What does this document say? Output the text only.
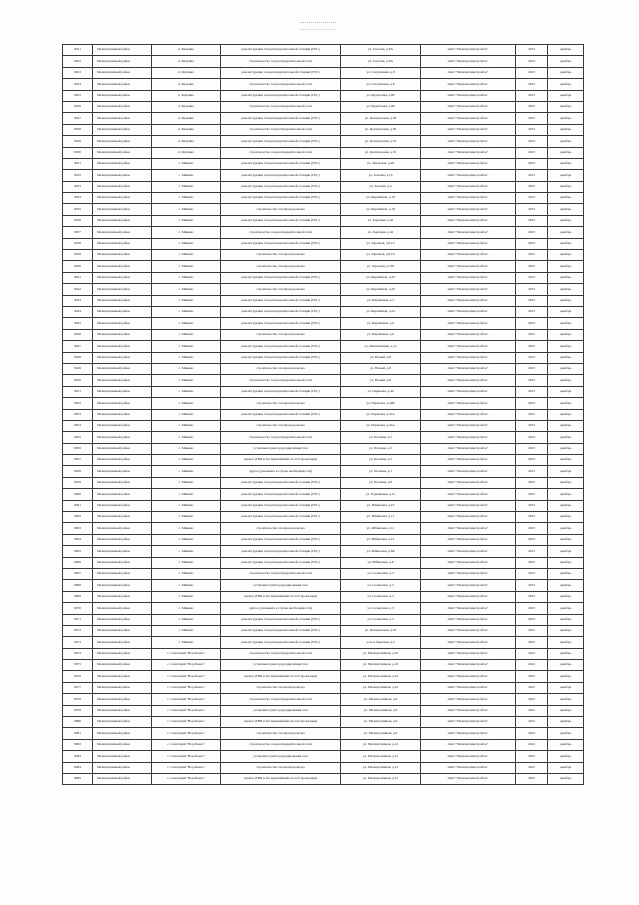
9021	Мелиоративный район	п. Куприно	реконструкция газораспределительной станции (ГРС)	ул. Светлая, д.8А	ОАО "Мелиоративстройгаз"	2023	декабрь
9022	Мелиоративный район	п. Куприно	строительство газораспределительной сети	ул. Светлая, д.8А	ОАО "Мелиоративстройгаз"	2023	декабрь
9023	Мелиоративный район	п. Куприно	реконструкция газораспределительной станции (ГРС)	ул. Спортивная, д.8	ОАО "Мелиоративстройгаз"	2023	декабрь
9024	Мелиоративный район	п. Куприно	строительство газораспределительной сети	ул. Спортивная, д.8	ОАО "Мелиоративстройгаз"	2023	декабрь
9025	Мелиоративный район	п. Куприно	реконструкция газораспределительной станции (ГРС)	ул. Фруктовая, д.89	ОАО "Мелиоративстройгаз"	2023	декабрь
9026	Мелиоративный район	п. Куприно	строительство газораспределительной сети	ул. Фруктовая, д.89	ОАО "Мелиоративстройгаз"	2023	декабрь
9027	Мелиоративный район	п. Куприно	реконструкция газораспределительной станции (ГРС)	ул. Центральная, д.39	ОАО "Мелиоративстройгаз"	2023	декабрь
9028	Мелиоративный район	п. Куприно	строительство газораспределительной сети	ул. Центральная, д.39	ОАО "Мелиоративстройгаз"	2023	декабрь
9029	Мелиоративный район	п. Куприно	реконструкция газораспределительной станции (ГРС)	ул. Центральная, д.55	ОАО "Мелиоративстройгаз"	2023	декабрь
9030	Мелиоративный район	п. Куприно	строительство газораспределительной сети	ул. Центральная, д.55	ОАО "Мелиоративстройгаз"	2023	декабрь
9031	Мелиоративный район	с. Мякино	реконструкция газораспределительной станции (ГРС)	ул. Заводская, д.28	ОАО "Мелиоративстройгаз"	2023	декабрь
9032	Мелиоративный район	с. Мякино	реконструкция газораспределительной станции (ГРС)	ул. Зеленая, д.16	ОАО "Мелиоративстройгаз"	2023	декабрь
9033	Мелиоративный район	с. Мякино	реконструкция газораспределительной станции (ГРС)	ул. Зеленая, д.4	ОАО "Мелиоративстройгаз"	2023	декабрь
9034	Мелиоративный район	с. Мякино	реконструкция газораспределительной станции (ГРС)	ул. Кирпичная, д.18	ОАО "Мелиоративстройгаз"	2023	декабрь
9035	Мелиоративный район	с. Мякино	строительство газопровода-ввода	ул. Кирпичная, д.18	ОАО "Мелиоративстройгаз"	2023	декабрь
9036	Мелиоративный район	с. Мякино	реконструкция газораспределительной станции (ГРС)	ул. Заречная, д.42	ОАО "Мелиоративстройгаз"	2023	декабрь
9037	Мелиоративный район	с. Мякино	строительство газораспределительной сети	ул. Заречная, д.42	ОАО "Мелиоративстройгаз"	2023	декабрь
9038	Мелиоративный район	с. Мякино	реконструкция газораспределительной станции (ГРС)	ул. Заречная, д.61/3	ОАО "Мелиоративстройгаз"	2023	декабрь
9039	Мелиоративный район	с. Мякино	строительство газопровода-ввода	ул. Заречная, д.61/3	ОАО "Мелиоративстройгаз"	2023	декабрь
9040	Мелиоративный район	с. Мякино	строительство газопровода-ввода	ул. Заречная, д.103	ОАО "Мелиоративстройгаз"	2023	декабрь
9041	Мелиоративный район	с. Мякино	реконструкция газораспределительной станции (ГРС)	ул. Кирпичная, д.20	ОАО "Мелиоративстройгаз"	2023	декабрь
9042	Мелиоративный район	с. Мякино	строительство газопровода-ввода	ул. Кирпичная, д.20	ОАО "Мелиоративстройгаз"	2023	декабрь
9043	Мелиоративный район	с. Мякино	реконструкция газораспределительной станции (ГРС)	ул. Кирпичная, д.3	ОАО "Мелиоративстройгаз"	2023	декабрь
9044	Мелиоративный район	с. Мякино	реконструкция газораспределительной станции (ГРС)	ул. Кирпичная, д.24	ОАО "Мелиоративстройгаз"	2023	декабрь
9045	Мелиоративный район	с. Мякино	реконструкция газораспределительной станции (ГРС)	ул. Кирпичная, д.6	ОАО "Мелиоративстройгаз"	2023	декабрь
9046	Мелиоративный район	с. Мякино	строительство газопровода-ввода	ул. Кирпичная, д.6	ОАО "Мелиоративстройгаз"	2023	декабрь
9047	Мелиоративный район	с. Мякино	реконструкция газораспределительной станции (ГРС)	ул. Механизации, д.1а	ОАО "Мелиоративстройгаз"	2023	декабрь
9048	Мелиоративный район	с. Мякино	реконструкция газораспределительной станции (ГРС)	ул. Новый, д.8	ОАО "Мелиоративстройгаз"	2023	декабрь
9049	Мелиоративный район	с. Мякино	строительство газопровода-ввода	ул. Новый, д.8	ОАО "Мелиоративстройгаз"	2023	декабрь
9050	Мелиоративный район	с. Мякино	строительство газораспределительной сети	ул. Новый, д.8	ОАО "Мелиоративстройгаз"	2023	декабрь
9051	Мелиоративный район	с. Мякино	реконструкция газораспределительной станции (ГРС)	ул. Парковая, д.40	ОАО "Мелиоративстройгаз"	2023	декабрь
9052	Мелиоративный район	с. Мякино	строительство газопровода-ввода	ул. Парковая, д.40Б	ОАО "Мелиоративстройгаз"	2023	декабрь
9053	Мелиоративный район	с. Мякино	реконструкция газораспределительной станции (ГРС)	ул. Парковая, д.41А	ОАО "Мелиоративстройгаз"	2023	декабрь
9054	Мелиоративный район	с. Мякино	строительство газопровода-ввода	ул. Парковая, д.41А	ОАО "Мелиоративстройгаз"	2023	декабрь
9055	Мелиоративный район	с. Мякино	строительство газораспределительной сети	ул. Полевая, д.5	ОАО "Мелиоративстройгаз"	2023	декабрь
9056	Мелиоративный район	с. Мякино	установка пункта редуцирования газа	ул. Полевая, д.5	ОАО "Мелиоративстройгаз"	2023	декабрь
9057	Мелиоративный район	с. Мякино	прокол (ГНБ и бестраншейный способ прокладки)	ул. Полевая, д.5	ОАО "Мелиоративстройгаз"	2023	декабрь
9058	Мелиоративный район	с. Мякино	другое (указывать в случае необходимости)	ул. Полевая, д.5	ОАО "Мелиоративстройгаз"	2023	декабрь
9059	Мелиоративный район	с. Мякино	реконструкция газораспределительной станции (ГРС)	ул. Полевая, д.8	ОАО "Мелиоративстройгаз"	2023	декабрь
9060	Мелиоративный район	с. Мякино	реконструкция газораспределительной станции (ГРС)	ул. Родниковая, д.1а	ОАО "Мелиоративстройгаз"	2023	декабрь
9061	Мелиоративный район	с. Мякино	реконструкция газораспределительной станции (ГРС)	ул. Рябиновая, д.10	ОАО "Мелиоративстройгаз"	2023	декабрь
9062	Мелиоративный район	с. Мякино	реконструкция газораспределительной станции (ГРС)	ул. Рябиновая, д.11	ОАО "Мелиоративстройгаз"	2023	декабрь
9063	Мелиоративный район	с. Мякино	строительство газопровода-ввода	ул. Рябиновая, д.11	ОАО "Мелиоративстройгаз"	2023	декабрь
9064	Мелиоративный район	с. Мякино	реконструкция газораспределительной станции (ГРС)	ул. Рябиновая, д.12	ОАО "Мелиоративстройгаз"	2023	декабрь
9065	Мелиоративный район	с. Мякино	реконструкция газораспределительной станции (ГРС)	ул. Рябиновая, д.6Б	ОАО "Мелиоративстройгаз"	2023	декабрь
9066	Мелиоративный район	с. Мякино	реконструкция газораспределительной станции (ГРС)	ул. Рябиновая, д.8	ОАО "Мелиоративстройгаз"	2023	декабрь
9067	Мелиоративный район	с. Мякино	строительство газораспределительной сети	ул. Солнечная, д.3	ОАО "Мелиоративстройгаз"	2023	декабрь
9068	Мелиоративный район	с. Мякино	установка пункта редуцирования газа	ул. Солнечная, д.3	ОАО "Мелиоративстройгаз"	2023	декабрь
9069	Мелиоративный район	с. Мякино	прокол (ГНБ и бестраншейный способ прокладки)	ул. Солнечная, д.3	ОАО "Мелиоративстройгаз"	2023	декабрь
9070	Мелиоративный район	с. Мякино	другое (указывать в случае необходимости)	ул. Солнечная, д.3	ОАО "Мелиоративстройгаз"	2023	декабрь
9071	Мелиоративный район	с. Мякино	реконструкция газораспределительной станции (ГРС)	ул. Солнечная, д.5	ОАО "Мелиоративстройгаз"	2023	декабрь
9072	Мелиоративный район	с. Мякино	реконструкция газораспределительной станции (ГРС)	ул. Центральная, д.35	ОАО "Мелиоративстройгаз"	2023	декабрь
9073	Мелиоративный район	с. Мякино	реконструкция газораспределительной станции (ГРС)	ул.2-я Заречная, д.2	ОАО "Мелиоративстройгаз"	2023	декабрь
9074	Мелиоративный район	с. Санаторий "Воробьево"	строительство газораспределительной сети	ул. Мелиоративная, д.10	ОАО "Мелиоративстройгаз"	2022	декабрь
9075	Мелиоративный район	с. Санаторий "Воробьево"	установка пункта редуцирования газа	ул. Мелиоративная, д.10	ОАО "Мелиоративстройгаз"	2022	декабрь
9076	Мелиоративный район	с. Санаторий "Воробьево"	прокол (ГНБ и бестраншейный способ прокладки)	ул. Мелиоративная, д.10	ОАО "Мелиоративстройгаз"	2022	декабрь
9077	Мелиоративный район	с. Санаторий "Воробьево"	строительство газопровода-ввода	ул. Мелиоративная, д.10	ОАО "Мелиоративстройгаз"	2022	декабрь
9078	Мелиоративный район	с. Санаторий "Воробьево"	строительство газораспределительной сети	ул. Мелиоративная, д.9	ОАО "Мелиоративстройгаз"	2022	декабрь
9079	Мелиоративный район	с. Санаторий "Воробьево"	установка пункта редуцирования газа	ул. Мелиоративная, д.9	ОАО "Мелиоративстройгаз"	2022	декабрь
9080	Мелиоративный район	с. Санаторий "Воробьево"	прокол (ГНБ и бестраншейный способ прокладки)	ул. Мелиоративная, д.9	ОАО "Мелиоративстройгаз"	2022	декабрь
9081	Мелиоративный район	с. Санаторий "Воробьево"	строительство газопровода-ввода	ул. Мелиоративная, д.9	ОАО "Мелиоративстройгаз"	2022	декабрь
9082	Мелиоративный район	с. Санаторий "Воробьево"	строительство газораспределительной сети	ул. Мелиоративная, д.12	ОАО "Мелиоративстройгаз"	2022	декабрь
9083	Мелиоративный район	с. Санаторий "Воробьево"	установка пункта редуцирования газа	ул. Мелиоративная, д.12	ОАО "Мелиоративстройгаз"	2022	декабрь
9084	Мелиоративный район	с. Санаторий "Воробьево"	строительство газопровода-ввода	ул. Мелиоративная, д.12	ОАО "Мелиоративстройгаз"	2022	декабрь
9085	Мелиоративный район	с. Санаторий "Воробьево"	прокол (ГНБ и бестраншейный способ прокладки)	ул. Мелиоративная, д.12	ОАО "Мелиоративстройгаз"	2022	декабрь
